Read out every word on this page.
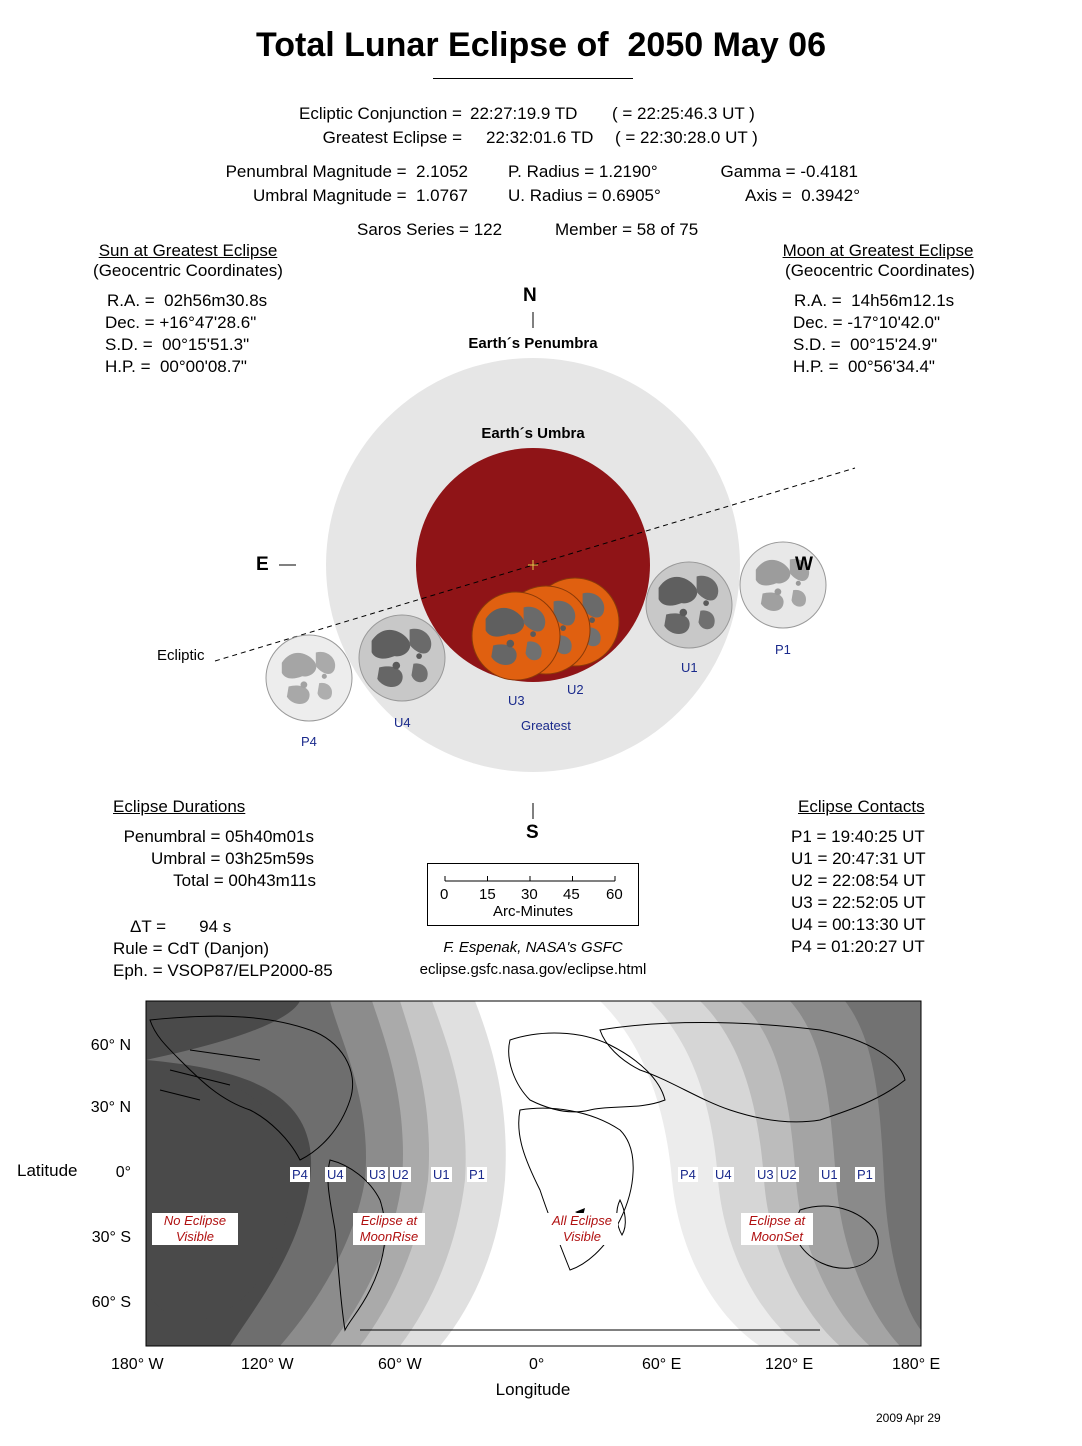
Total Lunar Eclipse of  2050 May 06
Ecliptic Conjunction = 22:27:19.9 TD ( = 22:25:46.3 UT )
Greatest Eclipse = 22:32:01.6 TD ( = 22:30:28.0 UT )
Penumbral Magnitude =  2.1052
Umbral Magnitude =  1.0767
P. Radius = 1.2190°
U. Radius = 0.6905°
Gamma = -0.4181
Axis =  0.3942°
Saros Series = 122	Member = 58 of 75
Sun at Greatest Eclipse
(Geocentric Coordinates)
R.A. =  02h56m30.8s
Dec. = +16°47'28.6"
S.D. =  00°15'51.3"
H.P. =  00°00'08.7"
Moon at Greatest Eclipse
(Geocentric Coordinates)
R.A. =  14h56m12.1s
Dec. = -17°10'42.0"
S.D. =  00°15'24.9"
H.P. =  00°56'34.4"
N
Earth´s Penumbra
Earth´s Umbra
E	W
Ecliptic	P1
U1
U2
U3
Greatest
U4
P4
S
Eclipse Durations
Penumbral = 05h40m01s
Umbral = 03h25m59s
Total = 00h43m11s
ΔT =       94 s
Rule = CdT (Danjon)
Eph. = VSOP87/ELP2000-85
0 15 30 45 60
Arc-Minutes
F. Espenak, NASA's GSFC
eclipse.gsfc.nasa.gov/eclipse.html
Eclipse Contacts
P1 = 19:40:25 UT
U1 = 20:47:31 UT
U2 = 22:08:54 UT
U3 = 22:52:05 UT
U4 = 00:13:30 UT
P4 = 01:20:27 UT
P4 U4 U3 U2 U1 P1	P4 U4 U3 U2 U1 P1
No Eclipse
Visible
Eclipse at
MoonRise
All Eclipse
Visible
Eclipse at
MoonSet
Latitude
60° N
30° N
0°
30° S
60° S
180° W	120° W	60° W	0°	60° E	120° E	180° E
Longitude
2009 Apr 29
